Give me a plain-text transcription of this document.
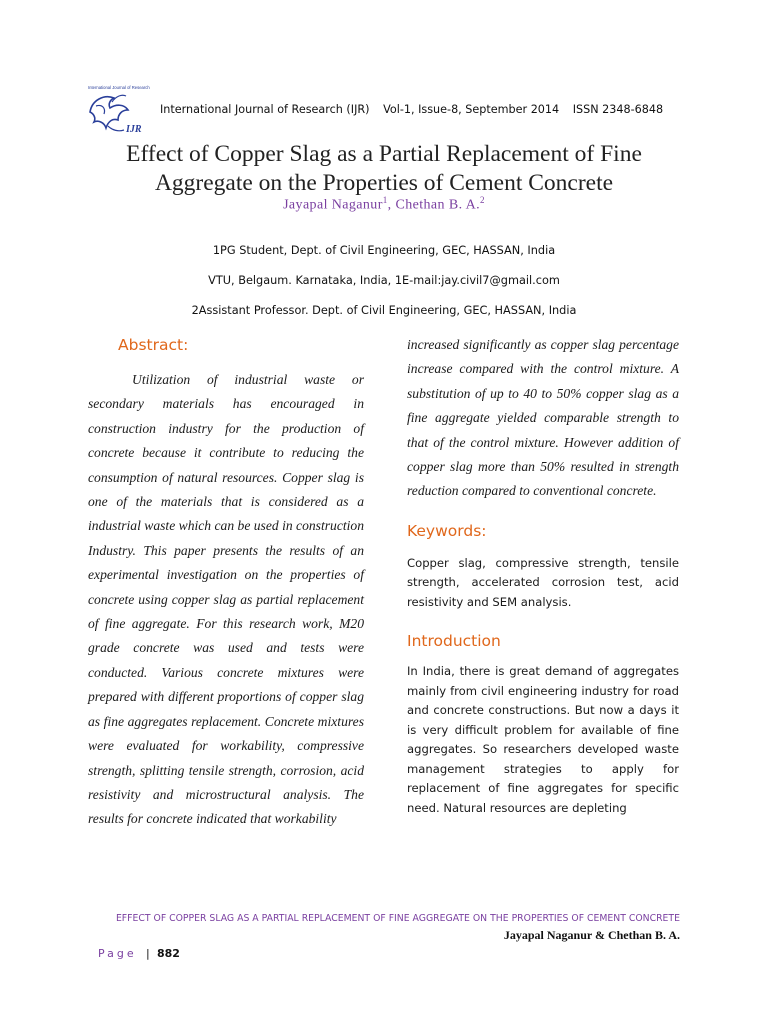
International Journal of Research
IJR
International Journal of Research (IJR) Vol-1, Issue-8, September 2014 ISSN 2348-6848
Effect of Copper Slag as a Partial Replacement of Fine
Aggregate on the Properties of Cement Concrete
Jayapal Naganur$^1$, Chethan B. A.$^2$
1PG Student, Dept. of Civil Engineering, GEC, HASSAN, India
VTU, Belgaum. Karnataka, India, 1E-mail:jay.civil7@gmail.com
2Assistant Professor. Dept. of Civil Engineering, GEC, HASSAN, India
Abstract:

Utilization of industrial waste or secondary materials has encouraged in construction industry for the production of concrete because it contribute to reducing the consumption of natural resources. Copper slag is one of the materials that is considered as a industrial waste which can be used in construction Industry. This paper presents the results of an experimental investigation on the properties of concrete using copper slag as partial replacement of fine aggregate. For this research work, M20 grade concrete was used and tests were conducted. Various concrete mixtures were prepared with different proportions of copper slag as fine aggregates replacement. Concrete mixtures were evaluated for workability, compressive strength, splitting tensile strength, corrosion, acid resistivity and microstructural analysis. The results for concrete indicated that workability

increased significantly as copper slag percentage increase compared with the control mixture. A substitution of up to 40 to 50% copper slag as a fine aggregate yielded comparable strength to that of the control mixture. However addition of copper slag more than 50% resulted in strength reduction compared to conventional concrete.

Keywords:

Copper slag, compressive strength, tensile strength, accelerated corrosion test, acid resistivity and SEM analysis.

Introduction

In India, there is great demand of aggregates mainly from civil engineering industry for road and concrete constructions. But now a days it is very difficult problem for available of fine aggregates. So researchers developed waste management strategies to apply for replacement of fine aggregates for specific need. Natural resources are depleting

EFFECT OF COPPER SLAG AS A PARTIAL REPLACEMENT OF FINE AGGREGATE ON THE PROPERTIES OF CEMENT CONCRETE Jayapal Naganur & Chethan B. A.
Page | 882
